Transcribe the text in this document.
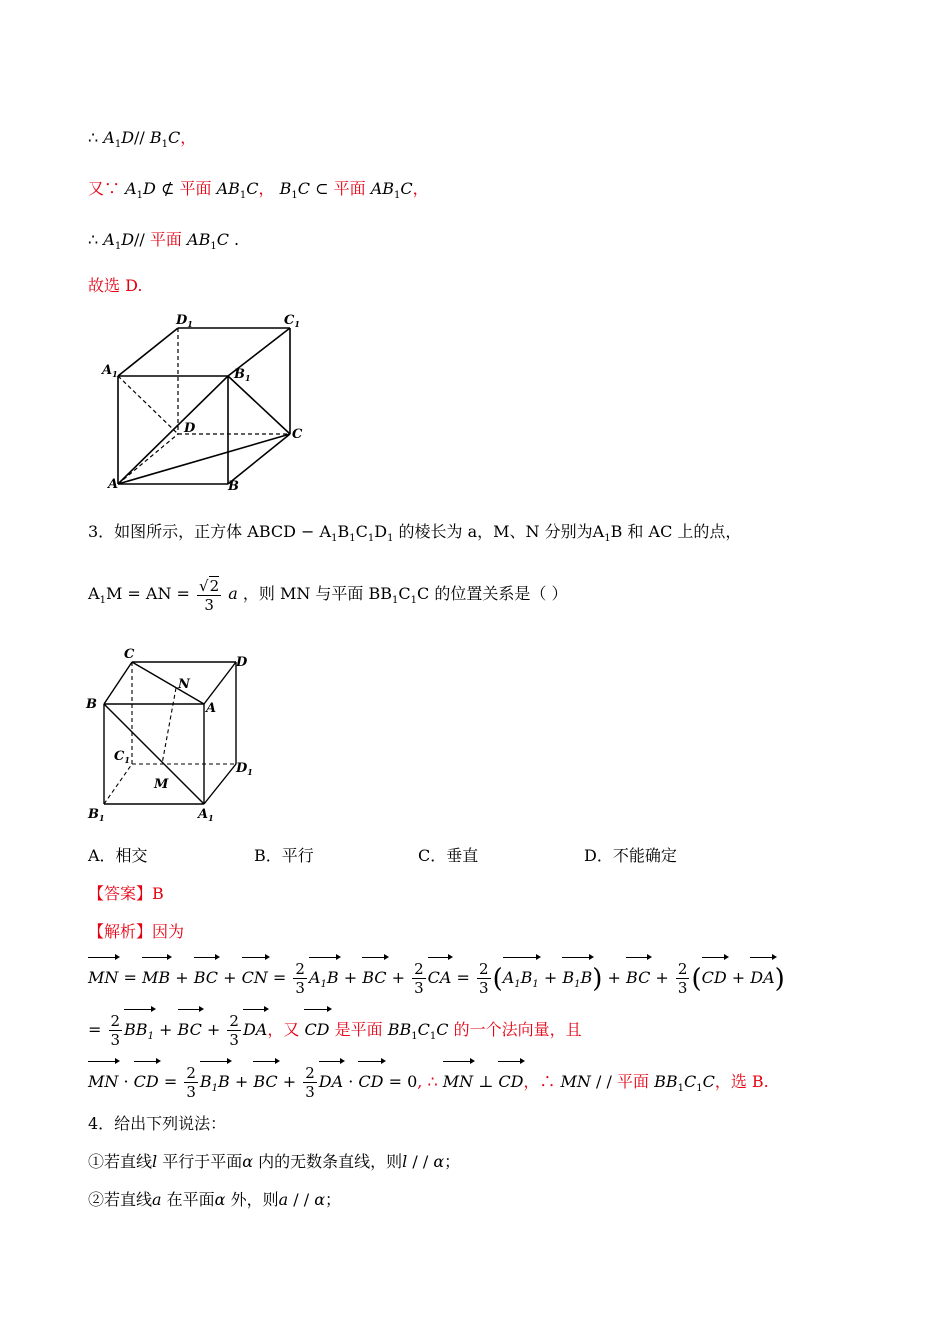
∴ $A_1D//$ $B_1C$，
又∵ $A_1D$ ⊄ 平面 $AB_1C$， $B_1C$ ⊂ 平面 $AB_1C$，
∴ $A_1D//$ 平面 $AB_1C$ .
故选 D.
$D_1$	$C_1$
$A_1$	$B_1$
D	C
A	B
3．如图所示，正方体 ABCD − $A_1B_1C_1D_1$ 的棱长为 a，M、N 分别为$A_1B$ 和 AC 上的点，
$A_1M$ = AN = $\frac{√2}{3}$ a ，则 MN 与平面 $BB_1C_1C$ 的位置关系是（ ）
C
D
N
B	A
$C_1$
$D_1$
M
$B_1$	$A_1$
A．相交	B．平行	C．垂直	D．不能确定
【答案】B
【解析】因为
MN = MB + BC + CN = $\frac{2}{3} A_1B$ + BC + $\frac{2}{3}$ CA = $\frac{2}{3} (A_1B_1 + B_1B)$ + BC + $\frac{2}{3} (CD + DA)$
= $\frac{2}{3} BB_1$ + BC + $\frac{2}{3}$ DA，又 CD 是平面 $BB_1C_1C$ 的一个法向量，且
MN · CD = $\frac{2}{3} B_1B$ + BC + $\frac{2}{3}$ DA · CD = 0, ∴ MN ⊥ CD，∴ MN / / 平面 $BB_1C_1C$，选 B.
4．给出下列说法：
①若直线l 平行于平面α 内的无数条直线，则l / / α；
②若直线a 在平面α 外，则a / / α；
